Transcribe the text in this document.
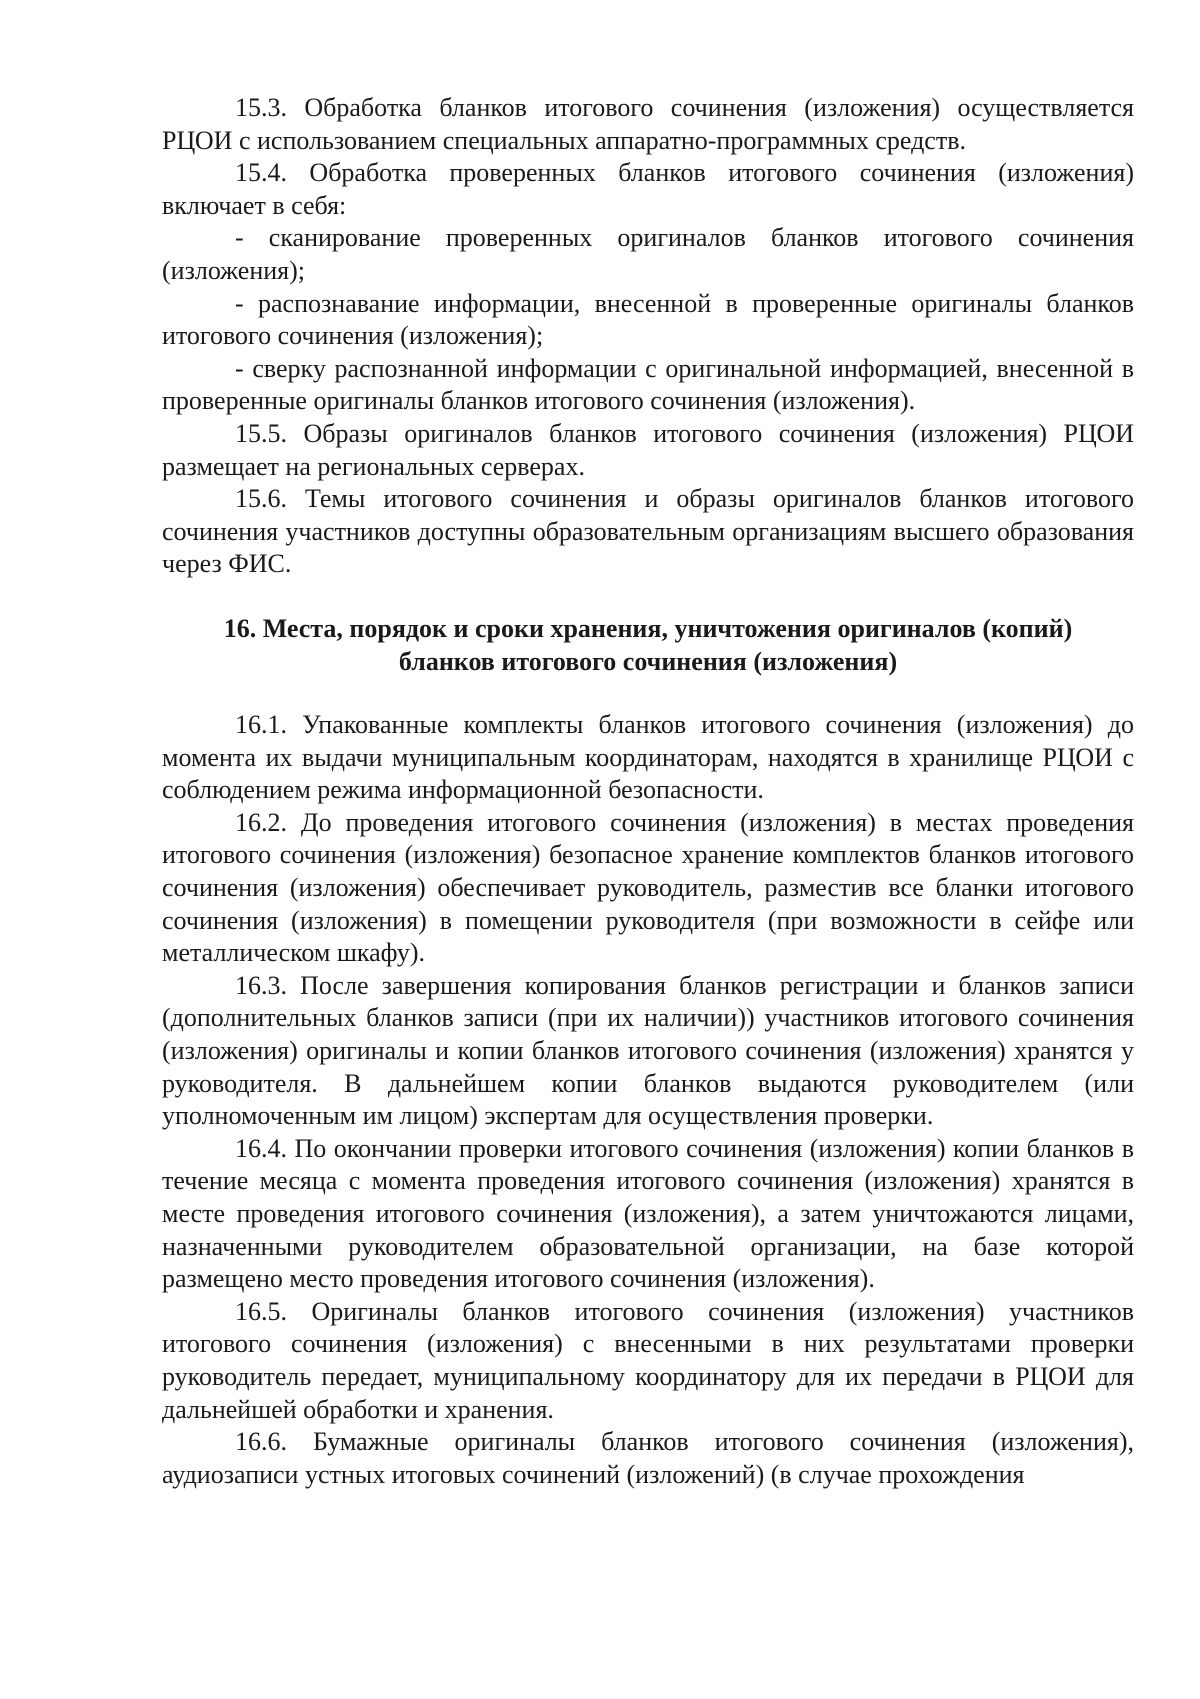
15.3. Обработка бланков итогового сочинения (изложения) осуществляется РЦОИ с использованием специальных аппаратно-программных средств.

15.4. Обработка проверенных бланков итогового сочинения (изложения) включает в себя:

- сканирование проверенных оригиналов бланков итогового сочинения (изложения);

- распознавание информации, внесенной в проверенные оригиналы бланков итогового сочинения (изложения);

- сверку распознанной информации с оригинальной информацией, внесенной в проверенные оригиналы бланков итогового сочинения (изложения).

15.5. Образы оригиналов бланков итогового сочинения (изложения) РЦОИ размещает на региональных серверах.

15.6. Темы итогового сочинения и образы оригиналов бланков итогового сочинения участников доступны образовательным организациям высшего образования через ФИС.

16. Места, порядок и сроки хранения, уничтожения оригиналов (копий)
бланков итогового сочинения (изложения)

16.1. Упакованные комплекты бланков итогового сочинения (изложения) до момента их выдачи муниципальным координаторам, находятся в хранилище РЦОИ с соблюдением режима информационной безопасности.

16.2. До проведения итогового сочинения (изложения) в местах проведения итогового сочинения (изложения) безопасное хранение комплектов бланков итогового сочинения (изложения) обеспечивает руководитель, разместив все бланки итогового сочинения (изложения) в помещении руководителя (при возможности в сейфе или металлическом шкафу).

16.3. После завершения копирования бланков регистрации и бланков записи (дополнительных бланков записи (при их наличии)) участников итогового сочинения (изложения) оригиналы и копии бланков итогового сочинения (изложения) хранятся у руководителя. В дальнейшем копии бланков выдаются руководителем (или уполномоченным им лицом) экспертам для осуществления проверки.

16.4. По окончании проверки итогового сочинения (изложения) копии бланков в течение месяца с момента проведения итогового сочинения (изложения) хранятся в месте проведения итогового сочинения (изложения), а затем уничтожаются лицами, назначенными руководителем образовательной организации, на базе которой размещено место проведения итогового сочинения (изложения).

16.5. Оригиналы бланков итогового сочинения (изложения) участников итогового сочинения (изложения) с внесенными в них результатами проверки руководитель передает, муниципальному координатору для их передачи в РЦОИ для дальнейшей обработки и хранения.

16.6. Бумажные оригиналы бланков итогового сочинения (изложения), аудиозаписи устных итоговых сочинений (изложений) (в случае прохождения
